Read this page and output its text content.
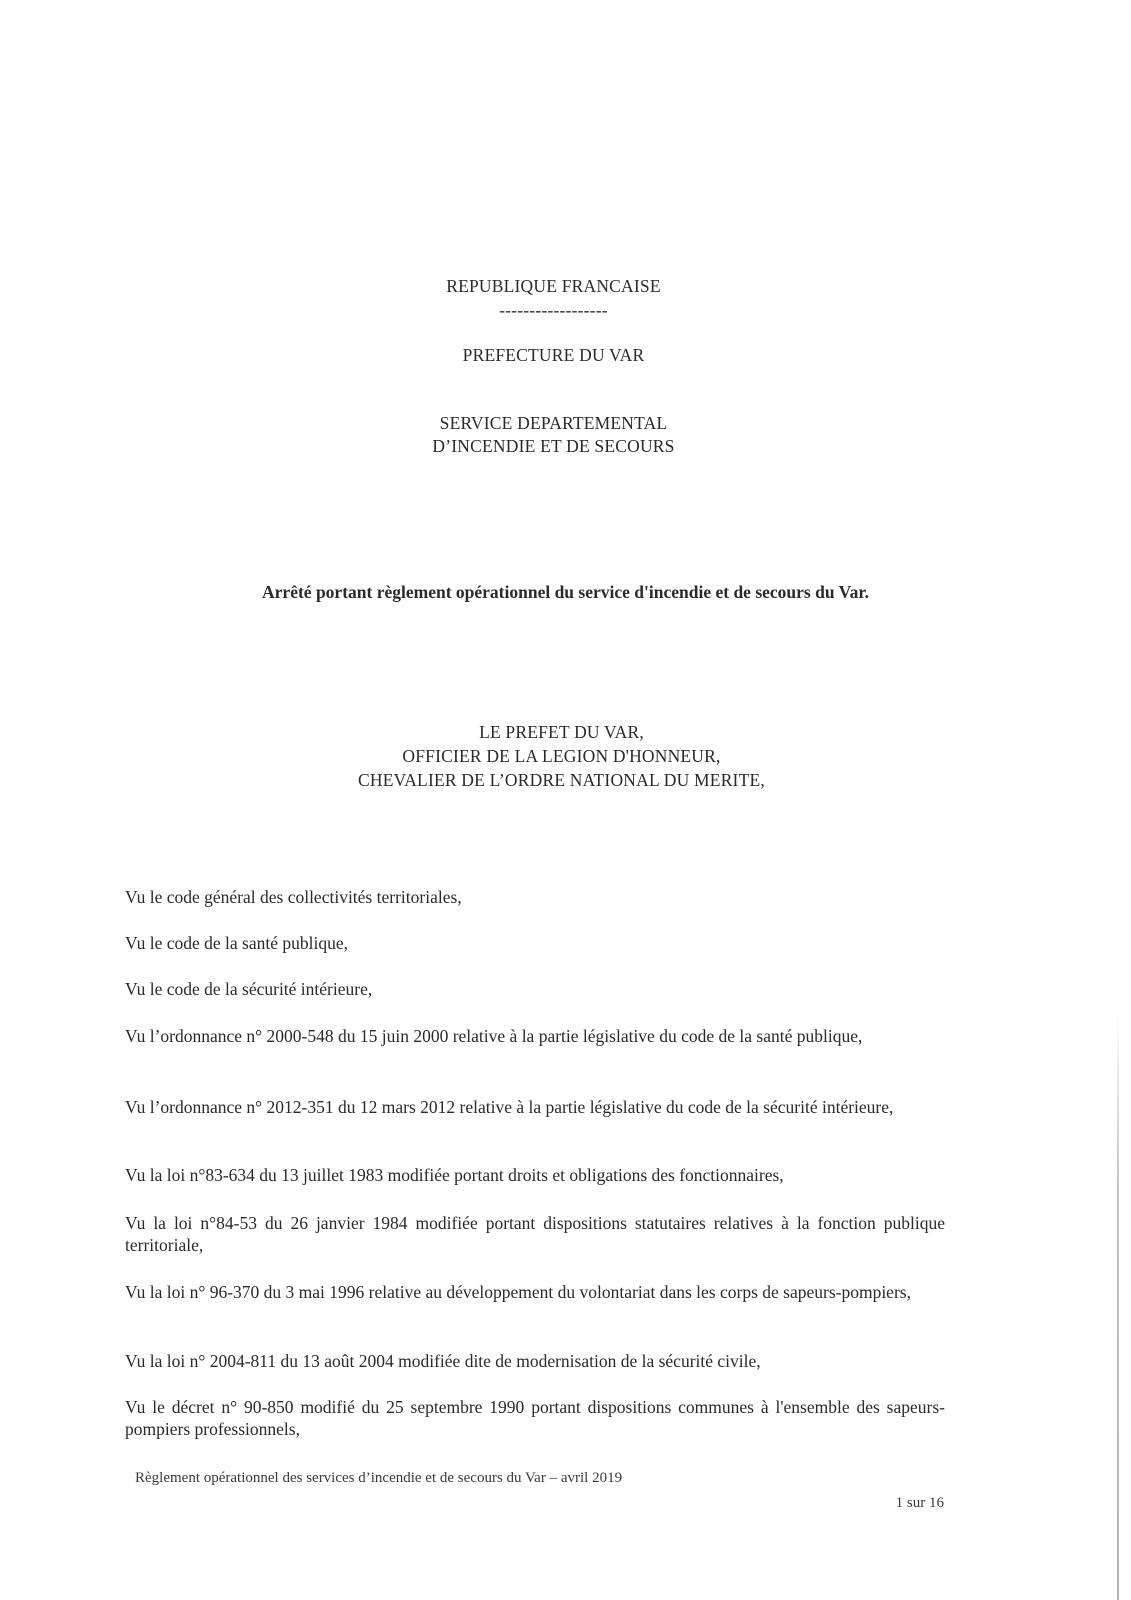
REPUBLIQUE FRANCAISE
------------------
PREFECTURE DU VAR
SERVICE DEPARTEMENTAL
D’INCENDIE ET DE SECOURS
Arrêté portant règlement opérationnel du service d'incendie et de secours du Var.
LE PREFET DU VAR,
OFFICIER DE LA LEGION D'HONNEUR,
CHEVALIER DE L’ORDRE NATIONAL DU MERITE,
Vu le code général des collectivités territoriales,
Vu le code de la santé publique,
Vu le code de la sécurité intérieure,
Vu l’ordonnance n° 2000-548 du 15 juin 2000 relative à la partie législative du code de la santé publique,
Vu l’ordonnance n° 2012-351 du 12 mars 2012 relative à la partie législative du code de la sécurité intérieure,
Vu la loi n°83-634 du 13 juillet 1983 modifiée portant droits et obligations des fonctionnaires,
Vu la loi n°84-53 du 26 janvier 1984 modifiée portant dispositions statutaires relatives à la fonction publique territoriale,
Vu la loi n° 96-370 du 3 mai 1996 relative au développement du volontariat dans les corps de sapeurs-pompiers,
Vu la loi n° 2004-811 du 13 août 2004 modifiée dite de modernisation de la sécurité civile,
Vu le décret n° 90-850 modifié du 25 septembre 1990 portant dispositions communes à l'ensemble des sapeurs-pompiers professionnels,
Règlement opérationnel des services d’incendie et de secours du Var – avril 2019
1 sur 16
